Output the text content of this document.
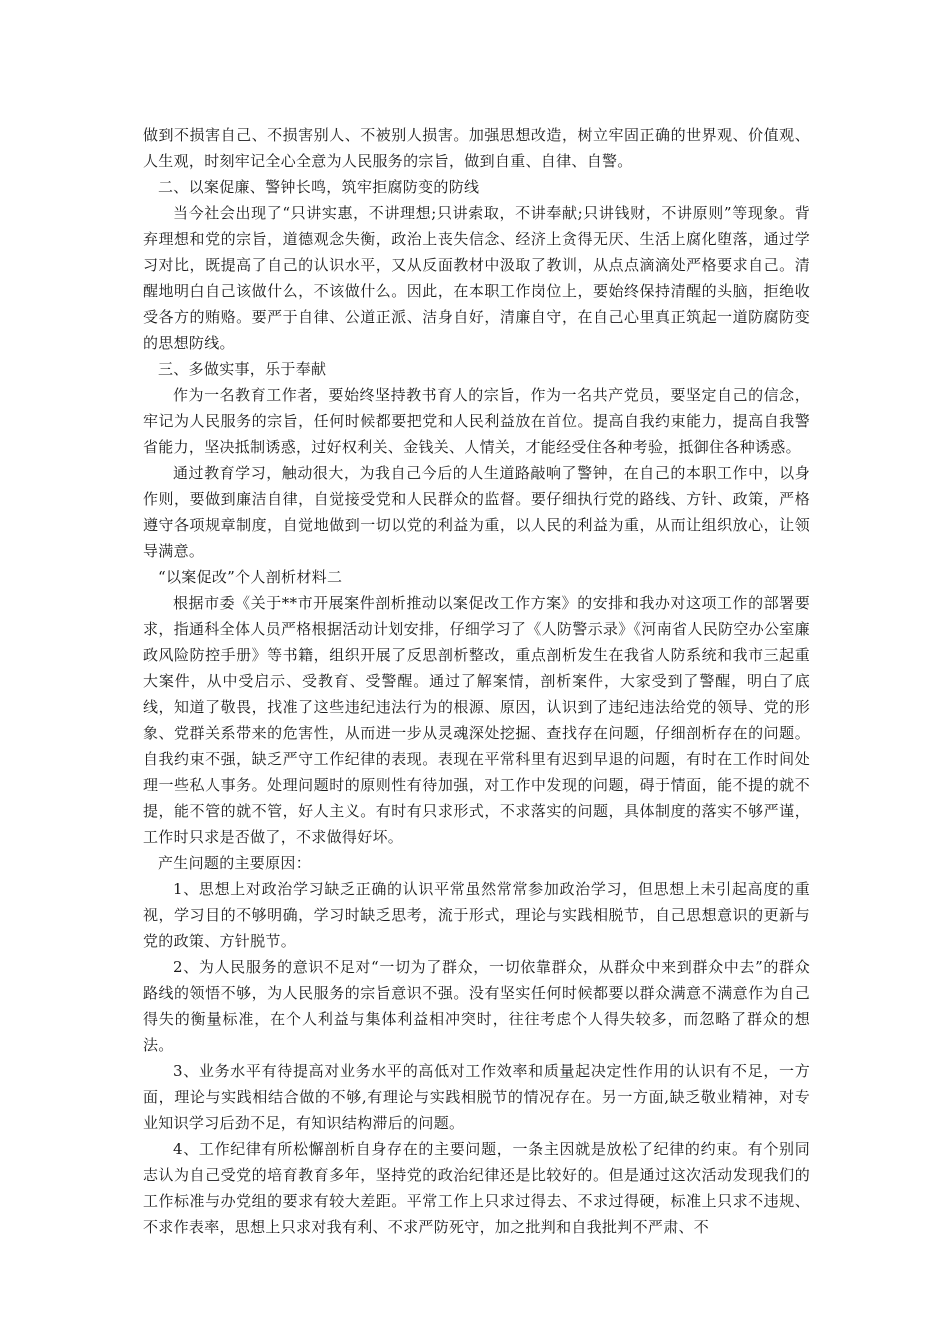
做到不损害自己、不损害别人、不被别人损害。加强思想改造，树立牢固正确的世界观、价值观、人生观，时刻牢记全心全意为人民服务的宗旨，做到自重、自律、自警。

二、以案促廉、警钟长鸣，筑牢拒腐防变的防线

当今社会出现了“只讲实惠，不讲理想;只讲索取，不讲奉献;只讲钱财，不讲原则”等现象。背弃理想和党的宗旨，道德观念失衡，政治上丧失信念、经济上贪得无厌、生活上腐化堕落，通过学习对比，既提高了自己的认识水平，又从反面教材中汲取了教训，从点点滴滴处严格要求自己。清醒地明白自己该做什么，不该做什么。因此，在本职工作岗位上，要始终保持清醒的头脑，拒绝收受各方的贿赂。要严于自律、公道正派、洁身自好，清廉自守，在自己心里真正筑起一道防腐防变的思想防线。

三、多做实事，乐于奉献

作为一名教育工作者，要始终坚持教书育人的宗旨，作为一名共产党员，要坚定自己的信念，牢记为人民服务的宗旨，任何时候都要把党和人民利益放在首位。提高自我约束能力，提高自我警省能力，坚决抵制诱惑，过好权利关、金钱关、人情关，才能经受住各种考验，抵御住各种诱惑。

通过教育学习，触动很大，为我自己今后的人生道路敲响了警钟，在自己的本职工作中，以身作则，要做到廉洁自律，自觉接受党和人民群众的监督。要仔细执行党的路线、方针、政策，严格遵守各项规章制度，自觉地做到一切以党的利益为重，以人民的利益为重，从而让组织放心，让领导满意。

“以案促改”个人剖析材料二

根据市委《关于**市开展案件剖析推动以案促改工作方案》的安排和我办对这项工作的部署要求，指通科全体人员严格根据活动计划安排，仔细学习了《人防警示录》《河南省人民防空办公室廉政风险防控手册》等书籍，组织开展了反思剖析整改，重点剖析发生在我省人防系统和我市三起重大案件，从中受启示、受教育、受警醒。通过了解案情，剖析案件，大家受到了警醒，明白了底线，知道了敬畏，找准了这些违纪违法行为的根源、原因，认识到了违纪违法给党的领导、党的形象、党群关系带来的危害性，从而进一步从灵魂深处挖掘、查找存在问题，仔细剖析存在的问题。自我约束不强，缺乏严守工作纪律的表现。表现在平常科里有迟到早退的问题，有时在工作时间处理一些私人事务。处理问题时的原则性有待加强，对工作中发现的问题，碍于情面，能不提的就不提，能不管的就不管，好人主义。有时有只求形式，不求落实的问题，具体制度的落实不够严谨，工作时只求是否做了，不求做得好坏。

产生问题的主要原因：

1、思想上对政治学习缺乏正确的认识平常虽然常常参加政治学习，但思想上未引起高度的重视，学习目的不够明确，学习时缺乏思考，流于形式，理论与实践相脱节，自己思想意识的更新与党的政策、方针脱节。

2、为人民服务的意识不足对“一切为了群众，一切依靠群众，从群众中来到群众中去”的群众路线的领悟不够，为人民服务的宗旨意识不强。没有坚实任何时候都要以群众满意不满意作为自己得失的衡量标准，在个人利益与集体利益相冲突时，往往考虑个人得失较多，而忽略了群众的想法。

3、业务水平有待提高对业务水平的高低对工作效率和质量起决定性作用的认识有不足，一方面，理论与实践相结合做的不够,有理论与实践相脱节的情况存在。另一方面,缺乏敬业精神，对专业知识学习后劲不足，有知识结构滞后的问题。

4、工作纪律有所松懈剖析自身存在的主要问题，一条主因就是放松了纪律的约束。有个别同志认为自己受党的培育教育多年，坚持党的政治纪律还是比较好的。但是通过这次活动发现我们的工作标准与办党组的要求有较大差距。平常工作上只求过得去、不求过得硬，标准上只求不违规、不求作表率，思想上只求对我有利、不求严防死守，加之批判和自我批判不严肃、不
